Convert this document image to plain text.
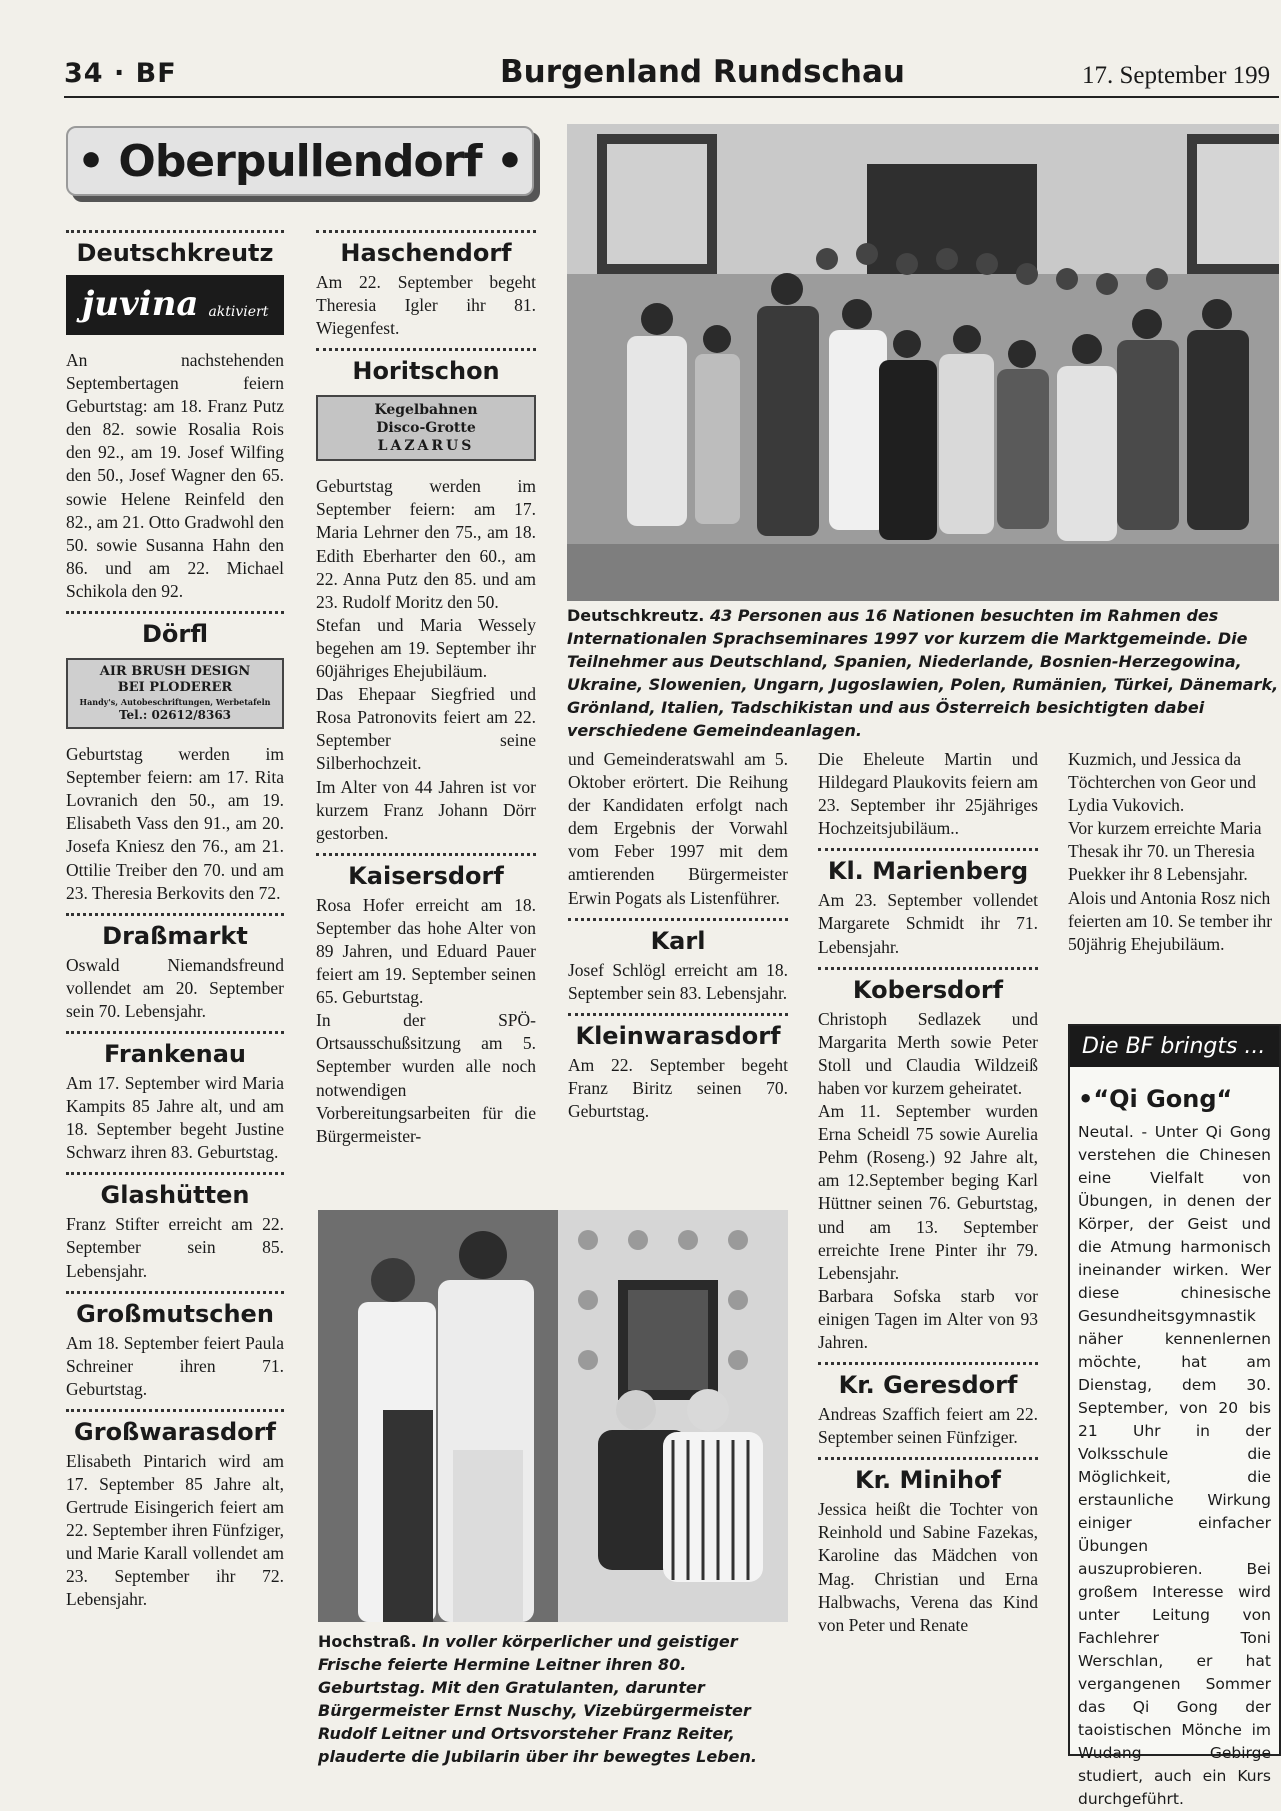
34 · BF	Burgenland Rundschau	17. September 199
• Oberpullendorf •
Deutschkreutz
juvina aktiviert

An nachstehenden Septembertagen feiern Geburtstag: am 18. Franz Putz den 82. sowie Rosalia Rois den 92., am 19. Josef Wilfing den 50., Josef Wagner den 65. sowie Helene Reinfeld den 82., am 21. Otto Gradwohl den 50. sowie Susanna Hahn den 86. und am 22. Michael Schikola den 92.

Dörfl
AIR BRUSH DESIGN
BEI PLODERER
Handy's, Autobeschriftungen, Werbetafeln
Tel.: 02612/8363

Geburtstag werden im September feiern: am 17. Rita Lovranich den 50., am 19. Elisabeth Vass den 91., am 20. Josefa Kniesz den 76., am 21. Ottilie Treiber den 70. und am 23. Theresia Berkovits den 72.

Draßmarkt

Oswald Niemandsfreund vollendet am 20. September sein 70. Lebensjahr.

Frankenau

Am 17. September wird Maria Kampits 85 Jahre alt, und am 18. September begeht Justine Schwarz ihren 83. Geburtstag.

Glashütten

Franz Stifter erreicht am 22. September sein 85. Lebensjahr.

Großmutschen

Am 18. September feiert Paula Schreiner ihren 71. Geburtstag.

Großwarasdorf

Elisabeth Pintarich wird am 17. September 85 Jahre alt, Gertrude Eisingerich feiert am 22. September ihren Fünfziger, und Marie Karall vollendet am 23. September ihr 72. Lebensjahr.

Haschendorf

Am 22. September begeht Theresia Igler ihr 81. Wiegenfest.

Horitschon
Kegelbahnen
Disco-Grotte
LAZARUS

Geburtstag werden im September feiern: am 17. Maria Lehrner den 75., am 18. Edith Eberharter den 60., am 22. Anna Putz den 85. und am 23. Rudolf Moritz den 50.

Stefan und Maria Wessely begehen am 19. September ihr 60jähriges Ehejubiläum.

Das Ehepaar Siegfried und Rosa Patronovits feiert am 22. September seine Silberhochzeit.

Im Alter von 44 Jahren ist vor kurzem Franz Johann Dörr gestorben.

Kaisersdorf

Rosa Hofer erreicht am 18. September das hohe Alter von 89 Jahren, und Eduard Pauer feiert am 19. September seinen 65. Geburtstag.

In der SPÖ-Ortsausschußsitzung am 5. September wurden alle noch notwendigen Vorbereitungsarbeiten für die Bürgermeister-

Deutschkreutz. 43 Personen aus 16 Nationen besuchten im Rahmen des Internationalen Sprachseminares 1997 vor kurzem die Marktgemeinde. Die Teilnehmer aus Deutschland, Spanien, Niederlande, Bosnien-Herzegowina, Ukraine, Slowenien, Ungarn, Jugoslawien, Polen, Rumänien, Türkei, Dänemark, Grönland, Italien, Tadschikistan und aus Österreich besichtigten dabei verschiedene Gemeindeanlagen.

und Gemeinderatswahl am 5. Oktober erörtert. Die Reihung der Kandidaten erfolgt nach dem Ergebnis der Vorwahl vom Feber 1997 mit dem amtierenden Bürgermeister Erwin Pogats als Listenführer.

Karl

Josef Schlögl erreicht am 18. September sein 83. Lebensjahr.

Kleinwarasdorf

Am 22. September begeht Franz Biritz seinen 70. Geburtstag.

Hochstraß. In voller körperlicher und geistiger Frische feierte Hermine Leitner ihren 80. Geburtstag. Mit den Gratulanten, darunter Bürgermeister Ernst Nuschy, Vizebürgermeister Rudolf Leitner und Ortsvorsteher Franz Reiter, plauderte die Jubilarin über ihr bewegtes Leben.

Die Eheleute Martin und Hildegard Plaukovits feiern am 23. September ihr 25jähriges Hochzeitsjubiläum..

Kl. Marienberg

Am 23. September vollendet Margarete Schmidt ihr 71. Lebensjahr.

Kobersdorf

Christoph Sedlazek und Margarita Merth sowie Peter Stoll und Claudia Wildzeiß haben vor kurzem geheiratet.

Am 11. September wurden Erna Scheidl 75 sowie Aurelia Pehm (Roseng.) 92 Jahre alt, am 12.September beging Karl Hüttner seinen 76. Geburtstag, und am 13. September erreichte Irene Pinter ihr 79. Lebensjahr.

Barbara Sofska starb vor einigen Tagen im Alter von 93 Jahren.

Kr. Geresdorf

Andreas Szaffich feiert am 22. September seinen Fünfziger.

Kr. Minihof

Jessica heißt die Tochter von Reinhold und Sabine Fazekas, Karoline das Mädchen von Mag. Christian und Erna Halbwachs, Verena das Kind von Peter und Renate

Kuzmich, und Jessica da Töchterchen von Geor und Lydia Vukovich.

Vor kurzem erreichte Maria Thesak ihr 70. un Theresia Puekker ihr 8 Lebensjahr.

Alois und Antonia Rosz nich feierten am 10. Se tember ihr 50jährig Ehejubiläum.

Die BF bringts ...
•“Qi Gong“
Neutal. - Unter Qi Gong verstehen die Chinesen eine Vielfalt von Übungen, in denen der Körper, der Geist und die Atmung harmonisch ineinander wirken. Wer diese chinesische Gesundheitsgymnastik näher kennenlernen möchte, hat am Dienstag, dem 30. September, von 20 bis 21 Uhr in der Volksschule die Möglichkeit, die erstaunliche Wirkung einiger einfacher Übungen auszuprobieren. Bei großem Interesse wird unter Leitung von Fachlehrer Toni Werschlan, er hat vergangenen Sommer das Qi Gong der taoistischen Mönche im Wudang Gebirge studiert, auch ein Kurs durchgeführt.
